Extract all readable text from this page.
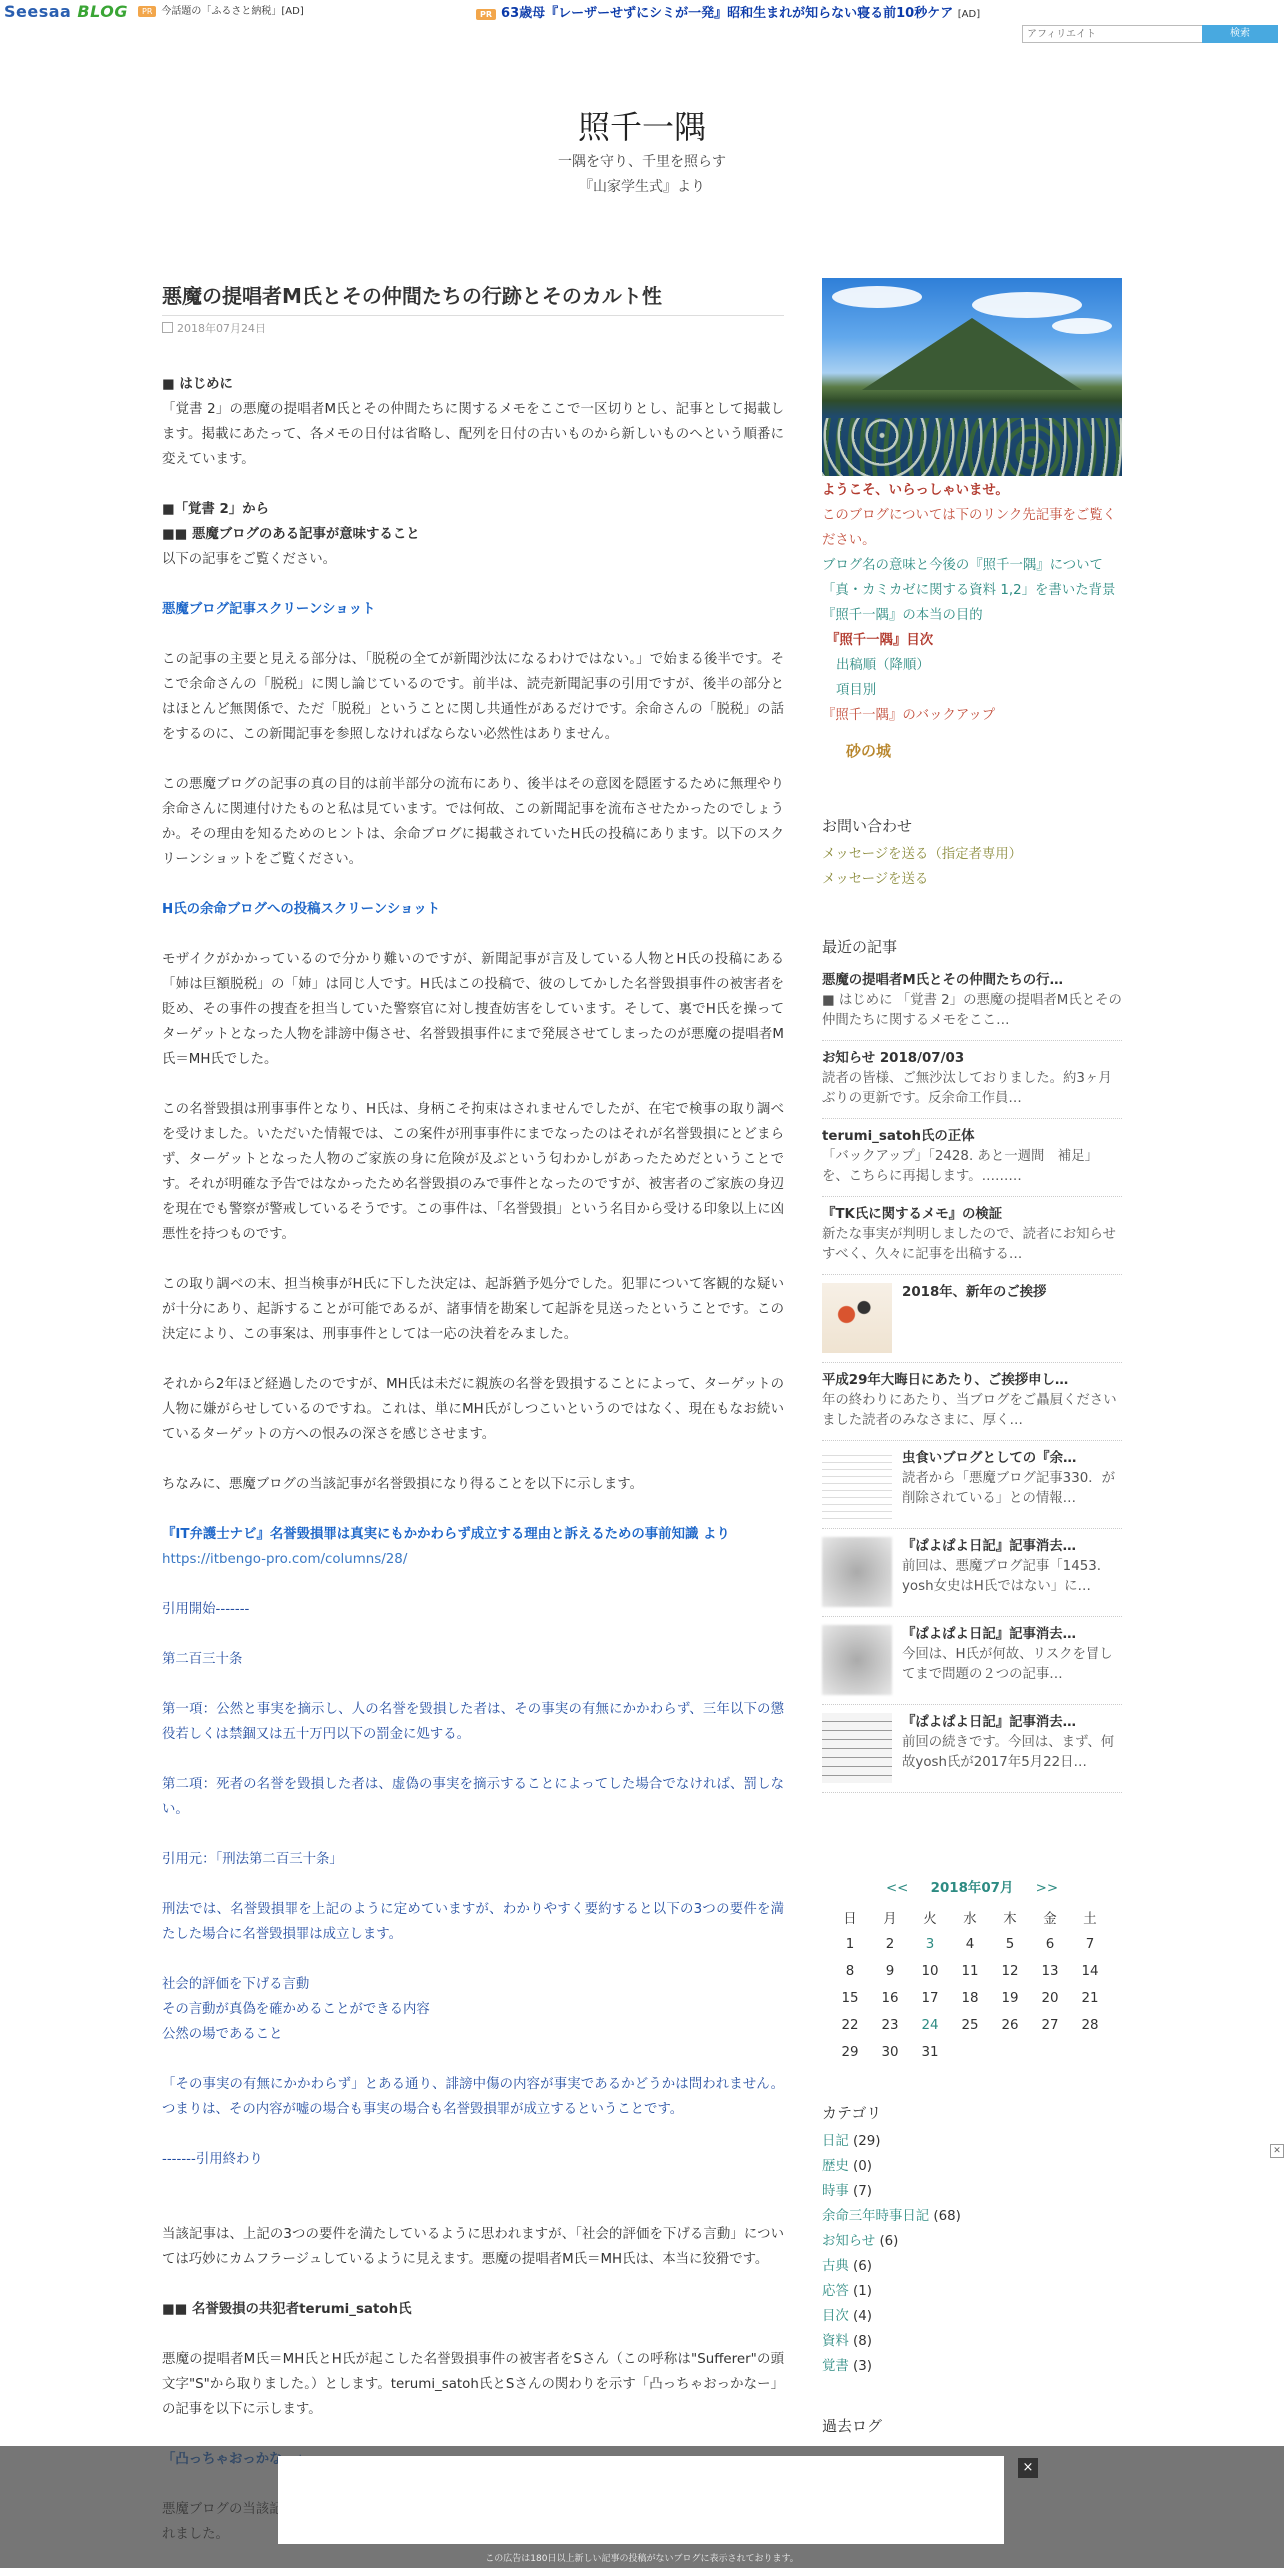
Seesaa BLOG	PR 今話題の「ふるさと納税」[AD]	PR 63歳母『レーザーせずにシミが一発』昭和生まれが知らない寝る前10秒ケア [AD]
アフィリエイト
検索
照千一隅
一隅を守り、千里を照らす
『山家学生式』より
悪魔の提唱者M氏とその仲間たちの行跡とそのカルト性
2018年07月24日

■ はじめに

「覚書 2」の悪魔の提唱者M氏とその仲間たちに関するメモをここで一区切りとし、記事として掲載します。掲載にあたって、各メモの日付は省略し、配列を日付の古いものから新しいものへという順番に変えています。

■「覚書 2」から

■■ 悪魔ブログのある記事が意味すること

以下の記事をご覧ください。

悪魔ブログ記事スクリーンショット

この記事の主要と見える部分は、「脱税の全てが新聞沙汰になるわけではない。」で始まる後半です。そこで余命さんの「脱税」に関し論じているのです。前半は、読売新聞記事の引用ですが、後半の部分とはほとんど無関係で、ただ「脱税」ということに関し共通性があるだけです。余命さんの「脱税」の話をするのに、この新聞記事を参照しなければならない必然性はありません。

この悪魔ブログの記事の真の目的は前半部分の流布にあり、後半はその意図を隠匿するために無理やり余命さんに関連付けたものと私は見ています。では何故、この新聞記事を流布させたかったのでしょうか。その理由を知るためのヒントは、余命ブログに掲載されていたH氏の投稿にあります。以下のスクリーンショットをご覧ください。

H氏の余命ブログへの投稿スクリーンショット

モザイクがかかっているので分かり難いのですが、新聞記事が言及している人物とH氏の投稿にある「姉は巨額脱税」の「姉」は同じ人です。H氏はこの投稿で、彼のしてかした名誉毀損事件の被害者を貶め、その事件の捜査を担当していた警察官に対し捜査妨害をしています。そして、裏でH氏を操ってターゲットとなった人物を誹謗中傷させ、名誉毀損事件にまで発展させてしまったのが悪魔の提唱者M氏＝MH氏でした。

この名誉毀損は刑事事件となり、H氏は、身柄こそ拘束はされませんでしたが、在宅で検事の取り調べを受けました。いただいた情報では、この案件が刑事事件にまでなったのはそれが名誉毀損にとどまらず、ターゲットとなった人物のご家族の身に危険が及ぶという匂わかしがあったためだということです。それが明確な予告ではなかったため名誉毀損のみで事件となったのですが、被害者のご家族の身辺を現在でも警察が警戒しているそうです。この事件は、「名誉毀損」という名目から受ける印象以上に凶悪性を持つものです。

この取り調べの末、担当検事がH氏に下した決定は、起訴猶予処分でした。犯罪について客観的な疑いが十分にあり、起訴することが可能であるが、諸事情を勘案して起訴を見送ったということです。この決定により、この事案は、刑事事件としては一応の決着をみました。

それから2年ほど経過したのですが、MH氏は未だに親族の名誉を毀損することによって、ターゲットの人物に嫌がらせしているのですね。これは、単にMH氏がしつこいというのではなく、現在もなお続いているターゲットの方への恨みの深さを感じさせます。

ちなみに、悪魔ブログの当該記事が名誉毀損になり得ることを以下に示します。

『IT弁護士ナビ』名誉毀損罪は真実にもかかわらず成立する理由と訴えるための事前知識 より

https://itbengo-pro.com/columns/28/

引用開始-------

第二百三十条

第一項：公然と事実を摘示し、人の名誉を毀損した者は、その事実の有無にかかわらず、三年以下の懲役若しくは禁錮又は五十万円以下の罰金に処する。

第二項：死者の名誉を毀損した者は、虚偽の事実を摘示することによってした場合でなければ、罰しない。

引用元：「刑法第二百三十条」

刑法では、名誉毀損罪を上記のように定めていますが、わかりやすく要約すると以下の3つの要件を満たした場合に名誉毀損罪は成立します。

社会的評価を下げる言動

その言動が真偽を確かめることができる内容

公然の場であること

「その事実の有無にかかわらず」とある通り、誹謗中傷の内容が事実であるかどうかは問われません。つまりは、その内容が嘘の場合も事実の場合も名誉毀損罪が成立するということです。

-------引用終わり

当該記事は、上記の3つの要件を満たしているように思われますが、「社会的評価を下げる言動」については巧妙にカムフラージュしているように見えます。悪魔の提唱者M氏＝MH氏は、本当に狡猾です。

■■ 名誉毀損の共犯者terumi_satoh氏

悪魔の提唱者M氏＝MH氏とH氏が起こした名誉毀損事件の被害者をSさん（この呼称は"Sufferer"の頭文字"S"から取りました。）とします。terumi_satoh氏とSさんの関わりを示す「凸っちゃおっかなー」の記事を以下に示します。

ようこそ、いらっしゃいませ。
このブログについては下のリンク先記事をご覧ください。
ブログ名の意味と今後の『照千一隅』について
「真・カミカゼに関する資料 1,2」を書いた背景
『照千一隅』の本当の目的
『照千一隅』目次
出稿順（降順）
項目別
『照千一隅』のバックアップ
砂の城
お問い合わせ
メッセージを送る（指定者専用）
メッセージを送る
最近の記事
悪魔の提唱者M氏とその仲間たちの行…
■ はじめに 「覚書 2」の悪魔の提唱者M氏とその仲間たちに関するメモをここ…
お知らせ 2018/07/03
読者の皆様、ご無沙汰しておりました。約3ヶ月ぶりの更新です。反余命工作員…
terumi_satoh氏の正体
「バックアップ」「2428. あと一週間　補足」を、こちらに再掲します。………
『TK氏に関するメモ』の検証
新たな事実が判明しましたので、読者にお知らせすべく、久々に記事を出稿する…
2018年、新年のご挨拶
平成29年大晦日にあたり、ご挨拶申し…
年の終わりにあたり、当ブログをご贔屓くださいました読者のみなさまに、厚く…
虫食いブログとしての『余…
読者から「悪魔ブログ記事330．が削除されている」との情報…
『ぱよぱよ日記』記事消去…
前回は、悪魔ブログ記事「1453. yosh女史はH氏ではない」に…
『ぱよぱよ日記』記事消去…
今回は、H氏が何故、リスクを冒してまで問題の２つの記事…
『ぱよぱよ日記』記事消去…
前回の続きです。今回は、まず、何故yosh氏が2017年5月22日…
<< 2018年07月 >>
日	月	火	水	木	金	土
1	2	3	4	5	6	7
8	9	10	11	12	13	14
15	16	17	18	19	20	21
22	23	24	25	26	27	28
29	30	31				
カテゴリ
日記 (29)
歴史 (0)
時事 (7)
余命三年時事日記 (68)
お知らせ (6)
古典 (6)
応答 (1)
目次 (4)
資料 (8)
覚書 (3)
過去ログ
✕
×
この広告は180日以上新しい記事の投稿がないブログに表示されております。
